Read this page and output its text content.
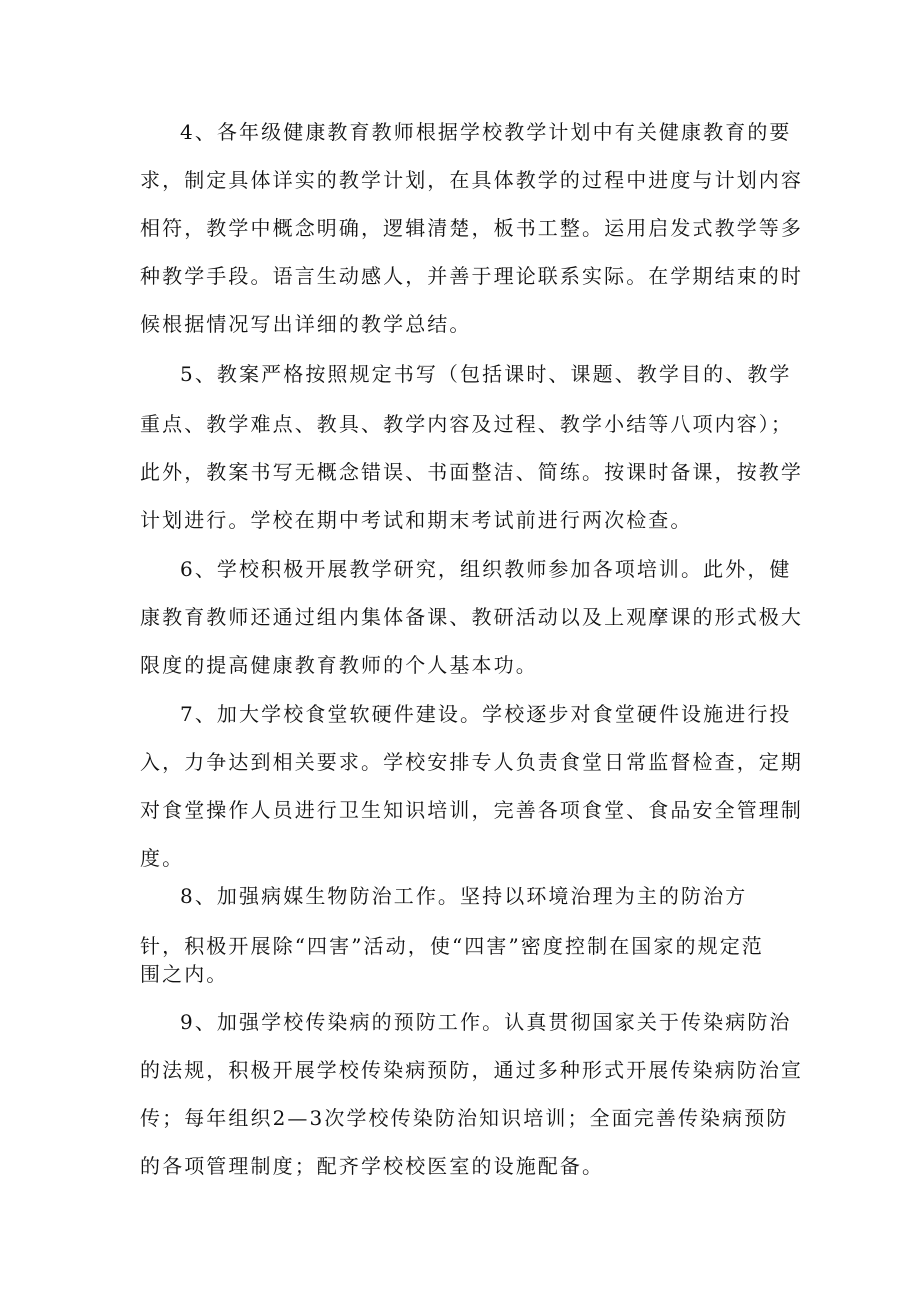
4、各年级健康教育教师根据学校教学计划中有关健康教育的要
求，制定具体详实的教学计划，在具体教学的过程中进度与计划内容
相符，教学中概念明确，逻辑清楚，板书工整。运用启发式教学等多
种教学手段。语言生动感人，并善于理论联系实际。在学期结束的时
候根据情况写出详细的教学总结。
5、教案严格按照规定书写（包括课时、课题、教学目的、教学
重点、教学难点、教具、教学内容及过程、教学小结等八项内容）；
此外，教案书写无概念错误、书面整洁、简练。按课时备课，按教学
计划进行。学校在期中考试和期末考试前进行两次检查。
6、学校积极开展教学研究，组织教师参加各项培训。此外，健
康教育教师还通过组内集体备课、教研活动以及上观摩课的形式极大
限度的提高健康教育教师的个人基本功。
7、加大学校食堂软硬件建设。学校逐步对食堂硬件设施进行投
入，力争达到相关要求。学校安排专人负责食堂日常监督检查，定期
对食堂操作人员进行卫生知识培训，完善各项食堂、食品安全管理制
度。
8、加强病媒生物防治工作。坚持以环境治理为主的防治方
针，积极开展除“四害”活动，使“四害”密度控制在国家的规定范
围之内。
9、加强学校传染病的预防工作。认真贯彻国家关于传染病防治
的法规，积极开展学校传染病预防，通过多种形式开展传染病防治宣
传；每年组织2—3次学校传染防治知识培训；全面完善传染病预防
的各项管理制度；配齐学校校医室的设施配备。
